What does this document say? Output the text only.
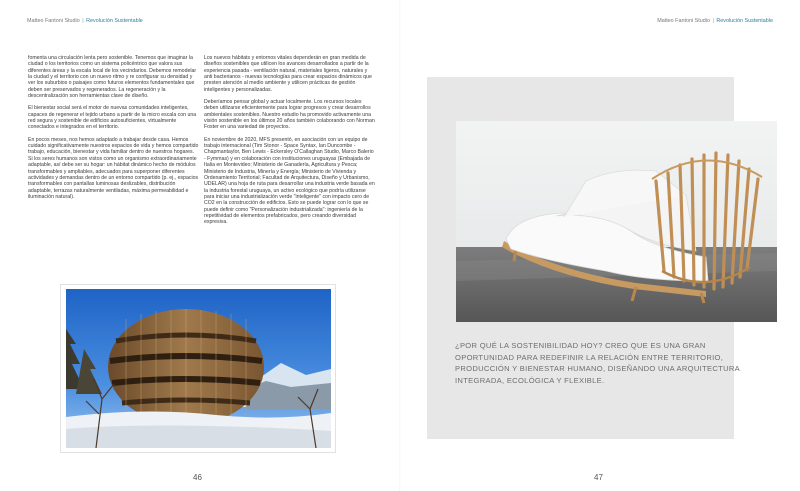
Matteo Fantoni Studio | Revolución Sustentable	Matteo Fantoni Studio | Revolución Sustentable

fomenta una circulación lenta pero sostenible. Tenemos que imaginar la ciudad o los territorios como un sistema policéntrico que valora sus diferentes áreas y la escala local de los vecindarios. Debemos remodelar la ciudad y el territorio con un nuevo ritmo y re configurar su densidad y ver los suburbios o paisajes como futuros elementos fundamentales que deben ser preservados y regenerados. La regeneración y la descentralización son herramientas clave de diseño.

El bienestar social será el motor de nuevas comunidades inteligentes, capaces de regenerar el tejido urbano a partir de la micro escala con una red segura y sostenible de edificios autosuficientes, virtualmente conectados e integrados en el territorio.

En pocos meses, nos hemos adaptado a trabajar desde casa. Hemos cuidado significativamente nuestros espacios de vida y hemos compartido trabajo, educación, bienestar y vida familiar dentro de nuestros hogares. Si los seres humanos son vistos como un organismo extraordinariamente adaptable, así debe ser su hogar: un hábitat dinámico hecho de módulos transformables y ampliables, adecuados para superponer diferentes actividades y demandas dentro de un entorno compartido (p. ej., espacios transformables con pantallas luminosas deslizables, distribución adaptable, terrazas naturalmente ventiladas, máxima permeabilidad e iluminación natural).

Los nuevos hábitats y entornos vitales dependerán en gran medida de diseños sostenibles que utilicen los avances desarrollados a partir de la experiencia pasada - ventilación natural, materiales ligeros, naturales y anti bacterianos - nuevas tecnologías para crear espacios dinámicos que presten atención al medio ambiente y utilicen prácticas de gestión inteligentes y personalizadas.

Deberíamos pensar global y actuar localmente. Los recursos locales deben utilizarse eficientemente para lograr progresos y crear desarrollos ambientales sostenibles. Nuestro estudio ha promovido activamente una visión sostenible en los últimos 20 años también colaborando con Norman Foster en una variedad de proyectos.

En noviembre de 2020, MFS presentó, en asociación con un equipo de trabajo internacional (Tim Stonor - Space Syntax, Ian Duncombe - Chapmantaylor, Ben Lewis - Eckersley O'Callaghan Studio, Marco Balerio - Fymmas) y en colaboración con instituciones uruguayas (Embajada de Italia en Montevideo; Ministerio de Ganadería, Agricultura y Pesca; Ministerio de Industria, Minería y Energía; Ministerio de Vivienda y Ordenamiento Territorial; Facultad de Arquitectura, Diseño y Urbanismo, UDELAR) una hoja de ruta para desarrollar una industria verde basada en la industria forestal uruguaya, un activo ecológico que podría utilizarse para iniciar una industrialización verde "inteligente" con impacto cero de CO2 en la construcción de edificios. Esto se puede lograr con lo que se puede definir como "Personalización industrializada": ingeniería de la repetitividad de elementos prefabricados, pero creando diversidad expresiva.

¿POR QUÉ LA SOSTENIBILIDAD HOY? CREO QUE ES UNA GRAN OPORTUNIDAD PARA REDEFINIR LA RELACIÓN ENTRE TERRITORIO, PRODUCCIÓN Y BIENESTAR HUMANO, DISEÑANDO UNA ARQUITECTURA INTEGRADA, ECOLÓGICA Y FLEXIBLE.

46	47
